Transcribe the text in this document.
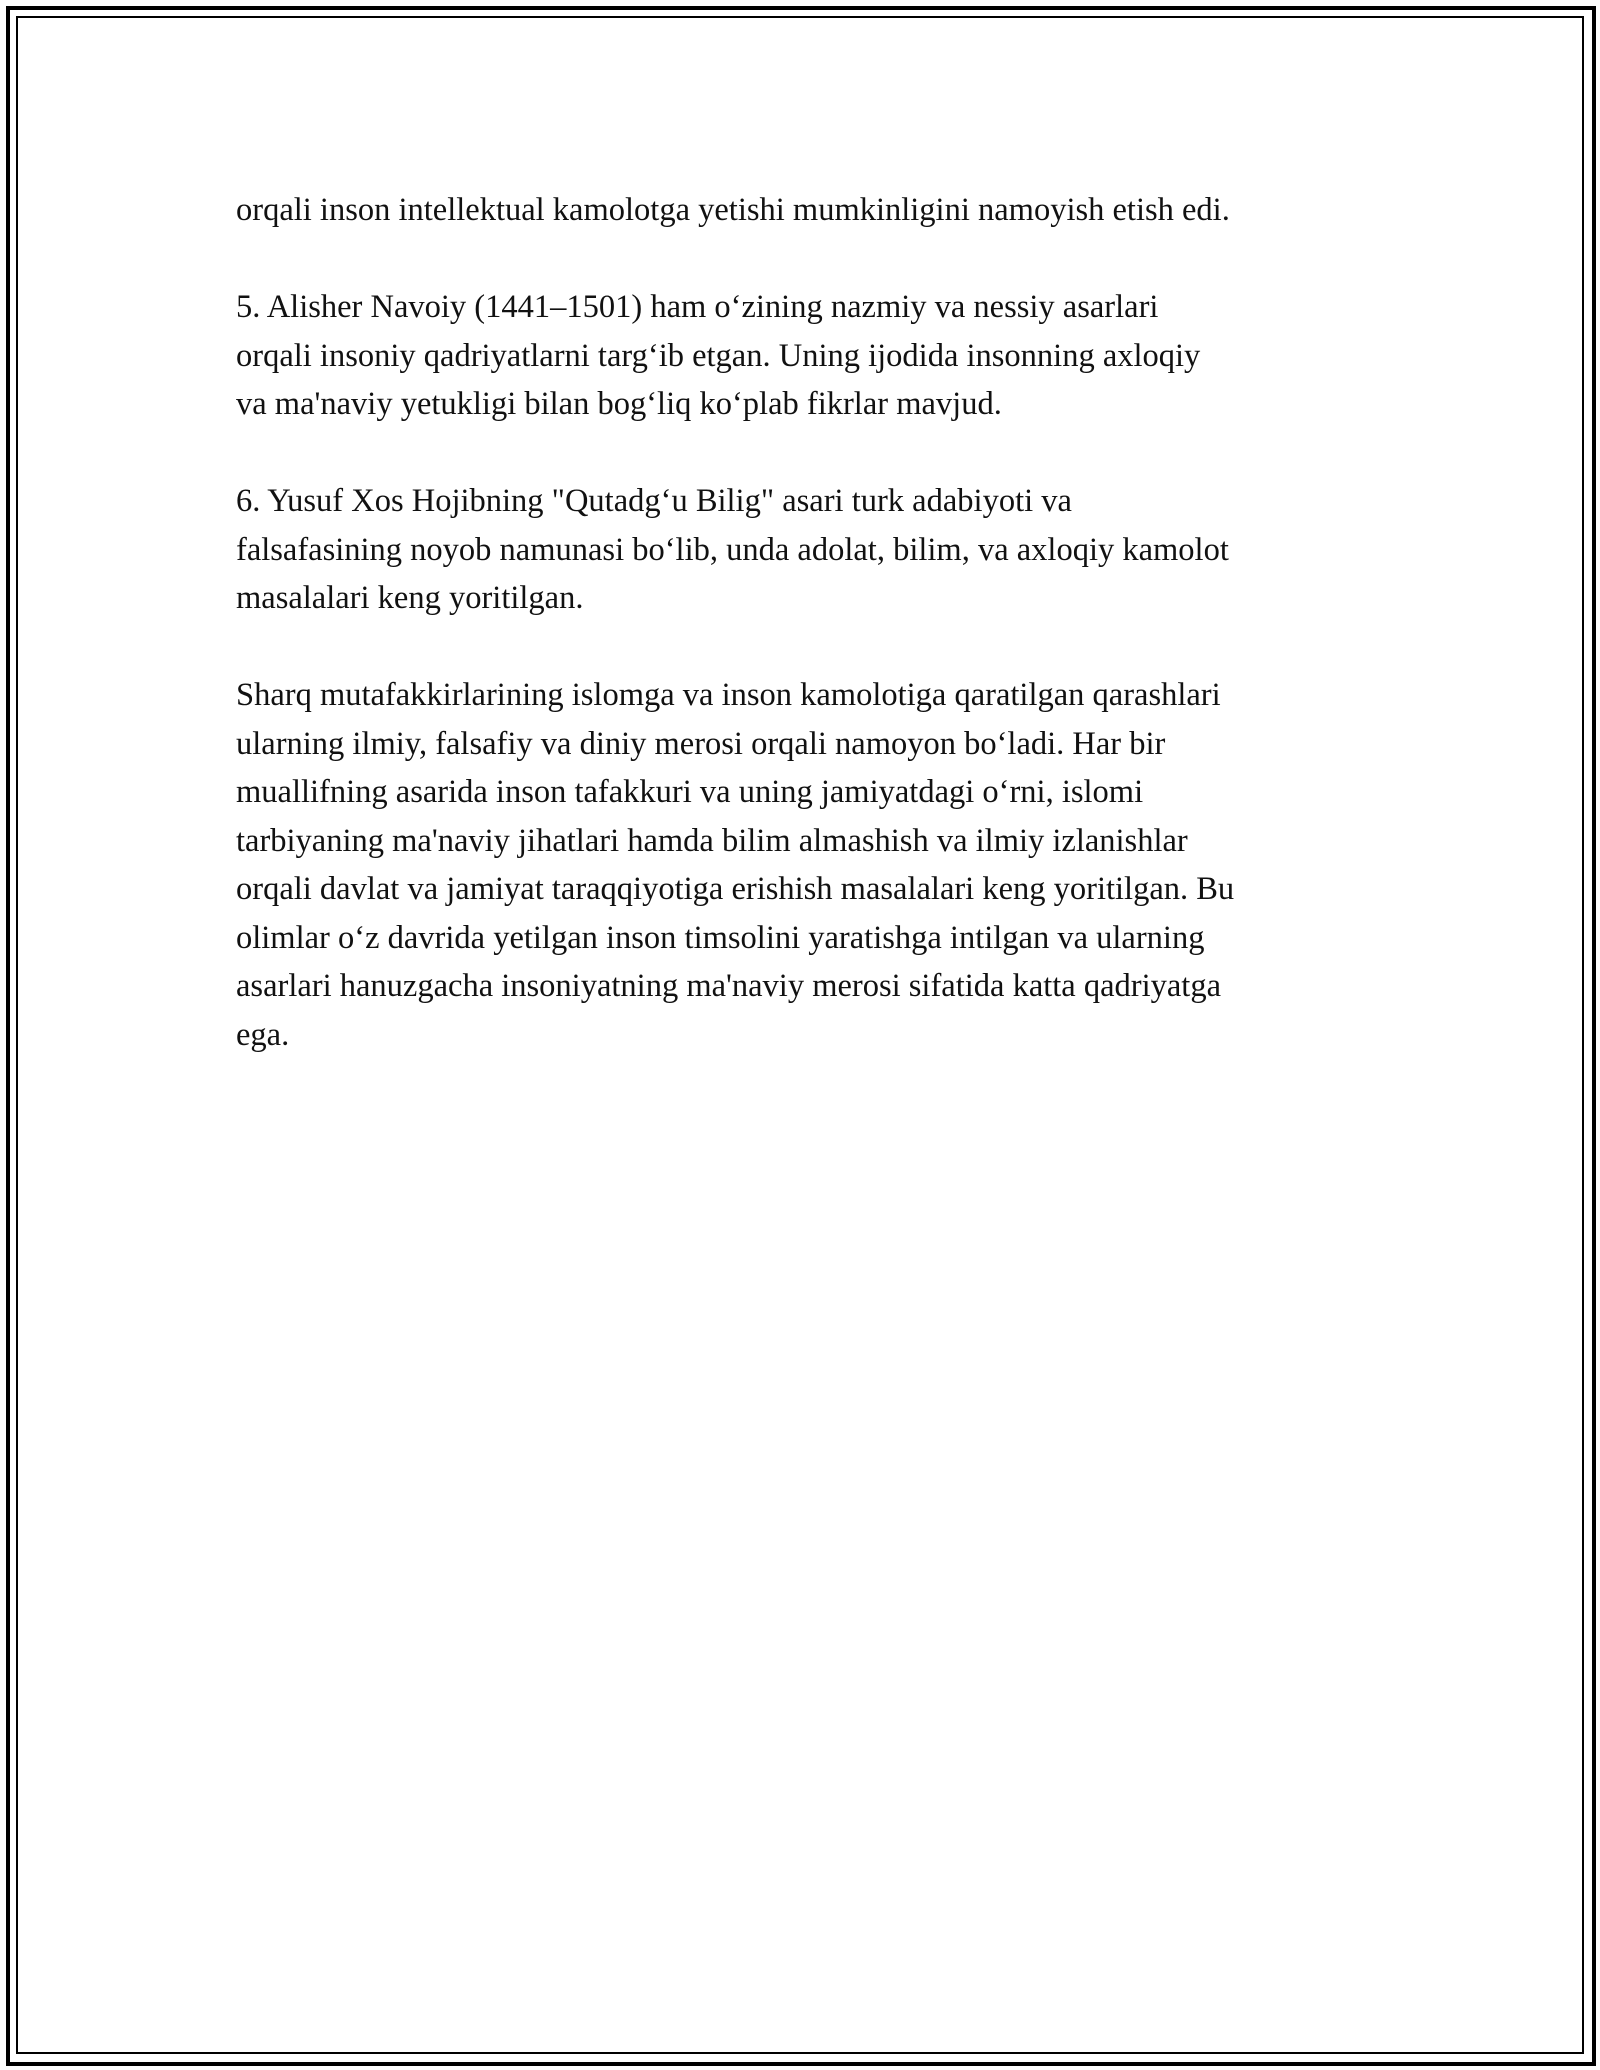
orqali inson intellektual kamolotga yetishi mumkinligini namoyish etish edi.

5. Alisher Navoiy (1441–1501) ham o‘zining nazmiy va nessiy asarlari
orqali insoniy qadriyatlarni targ‘ib etgan. Uning ijodida insonning axloqiy
va ma'naviy yetukligi bilan bog‘liq ko‘plab fikrlar mavjud.

6. Yusuf Xos Hojibning "Qutadg‘u Bilig" asari turk adabiyoti va
falsafasining noyob namunasi bo‘lib, unda adolat, bilim, va axloqiy kamolot
masalalari keng yoritilgan.

Sharq mutafakkirlarining islomga va inson kamolotiga qaratilgan qarashlari
ularning ilmiy, falsafiy va diniy merosi orqali namoyon bo‘ladi. Har bir
muallifning asarida inson tafakkuri va uning jamiyatdagi o‘rni, islomi
tarbiyaning ma'naviy jihatlari hamda bilim almashish va ilmiy izlanishlar
orqali davlat va jamiyat taraqqiyotiga erishish masalalari keng yoritilgan. Bu
olimlar o‘z davrida yetilgan inson timsolini yaratishga intilgan va ularning
asarlari hanuzgacha insoniyatning ma'naviy merosi sifatida katta qadriyatga
ega.
